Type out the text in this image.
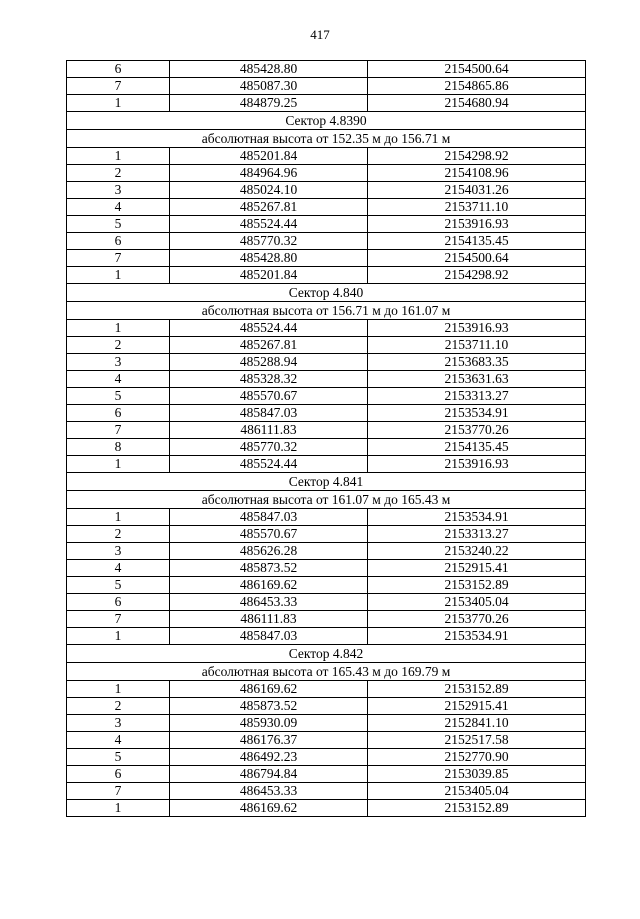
417
6	485428.80	2154500.64
7	485087.30	2154865.86
1	484879.25	2154680.94
Сектор 4.8390		
абсолютная высота от 152.35 м до 156.71 м		
1	485201.84	2154298.92
2	484964.96	2154108.96
3	485024.10	2154031.26
4	485267.81	2153711.10
5	485524.44	2153916.93
6	485770.32	2154135.45
7	485428.80	2154500.64
1	485201.84	2154298.92
Сектор 4.840		
абсолютная высота от 156.71 м до 161.07 м		
1	485524.44	2153916.93
2	485267.81	2153711.10
3	485288.94	2153683.35
4	485328.32	2153631.63
5	485570.67	2153313.27
6	485847.03	2153534.91
7	486111.83	2153770.26
8	485770.32	2154135.45
1	485524.44	2153916.93
Сектор 4.841		
абсолютная высота от 161.07 м до 165.43 м		
1	485847.03	2153534.91
2	485570.67	2153313.27
3	485626.28	2153240.22
4	485873.52	2152915.41
5	486169.62	2153152.89
6	486453.33	2153405.04
7	486111.83	2153770.26
1	485847.03	2153534.91
Сектор 4.842		
абсолютная высота от 165.43 м до 169.79 м		
1	486169.62	2153152.89
2	485873.52	2152915.41
3	485930.09	2152841.10
4	486176.37	2152517.58
5	486492.23	2152770.90
6	486794.84	2153039.85
7	486453.33	2153405.04
1	486169.62	2153152.89
